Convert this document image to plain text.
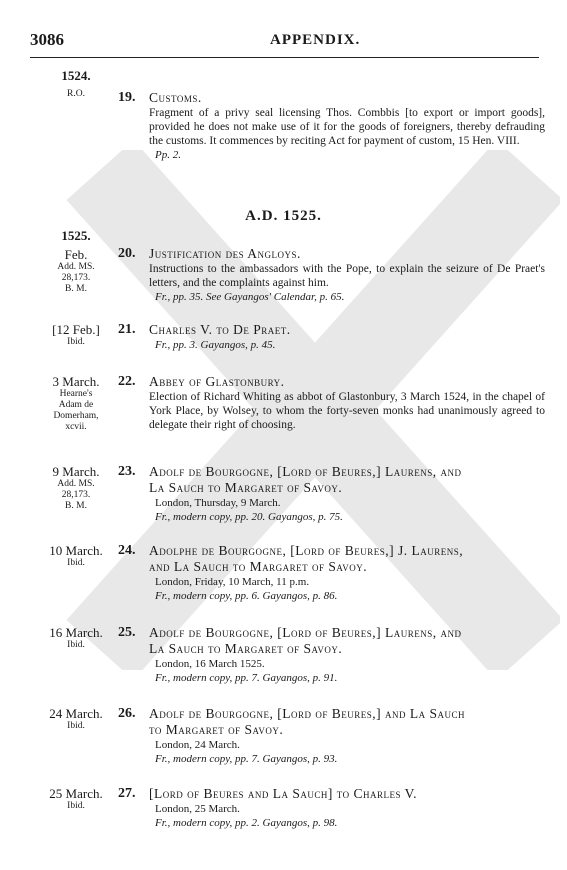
3086	APPENDIX.
1524.
R.O.	19. Customs.
Fragment of a privy seal licensing Thos. Combbis [to export or import goods], provided he does not make use of it for the goods of foreigners, thereby defrauding the customs. It commences by reciting Act for payment of custom, 15 Hen. VIII.
Pp. 2.
A.D. 1525.
1525.
Feb.
Add. MS.
28,173.
B. M.
20. Justification des Angloys.
Instructions to the ambassadors with the Pope, to explain the seizure of De Praet's letters, and the complaints against him.
Fr., pp. 35. See Gayangos' Calendar, p. 65.
[12 Feb.]
Ibid.
21. Charles V. to De Praet.
Fr., pp. 3. Gayangos, p. 45.
3 March.
Hearne's
Adam de
Domerham,
xcvii.
22. Abbey of Glastonbury.
Election of Richard Whiting as abbot of Glastonbury, 3 March 1524, in the chapel of York Place, by Wolsey, to whom the forty-seven monks had unanimously agreed to delegate their right of choosing.
9 March.
Add. MS.
28,173.
B. M.
23. Adolf de Bourgogne, [Lord of Beures,] Laurens, and
La Sauch to Margaret of Savoy.
London, Thursday, 9 March.
Fr., modern copy, pp. 20. Gayangos, p. 75.
10 March.
Ibid.
24. Adolphe de Bourgogne, [Lord of Beures,] J. Laurens,
and La Sauch to Margaret of Savoy.
London, Friday, 10 March, 11 p.m.
Fr., modern copy, pp. 6. Gayangos, p. 86.
16 March.
Ibid.
25. Adolf de Bourgogne, [Lord of Beures,] Laurens, and
La Sauch to Margaret of Savoy.
London, 16 March 1525.
Fr., modern copy, pp. 7. Gayangos, p. 91.
24 March.
Ibid.
26. Adolf de Bourgogne, [Lord of Beures,] and La Sauch
to Margaret of Savoy.
London, 24 March.
Fr., modern copy, pp. 7. Gayangos, p. 93.
25 March.
Ibid.
27. [Lord of Beures and La Sauch] to Charles V.
London, 25 March.
Fr., modern copy, pp. 2. Gayangos, p. 98.
